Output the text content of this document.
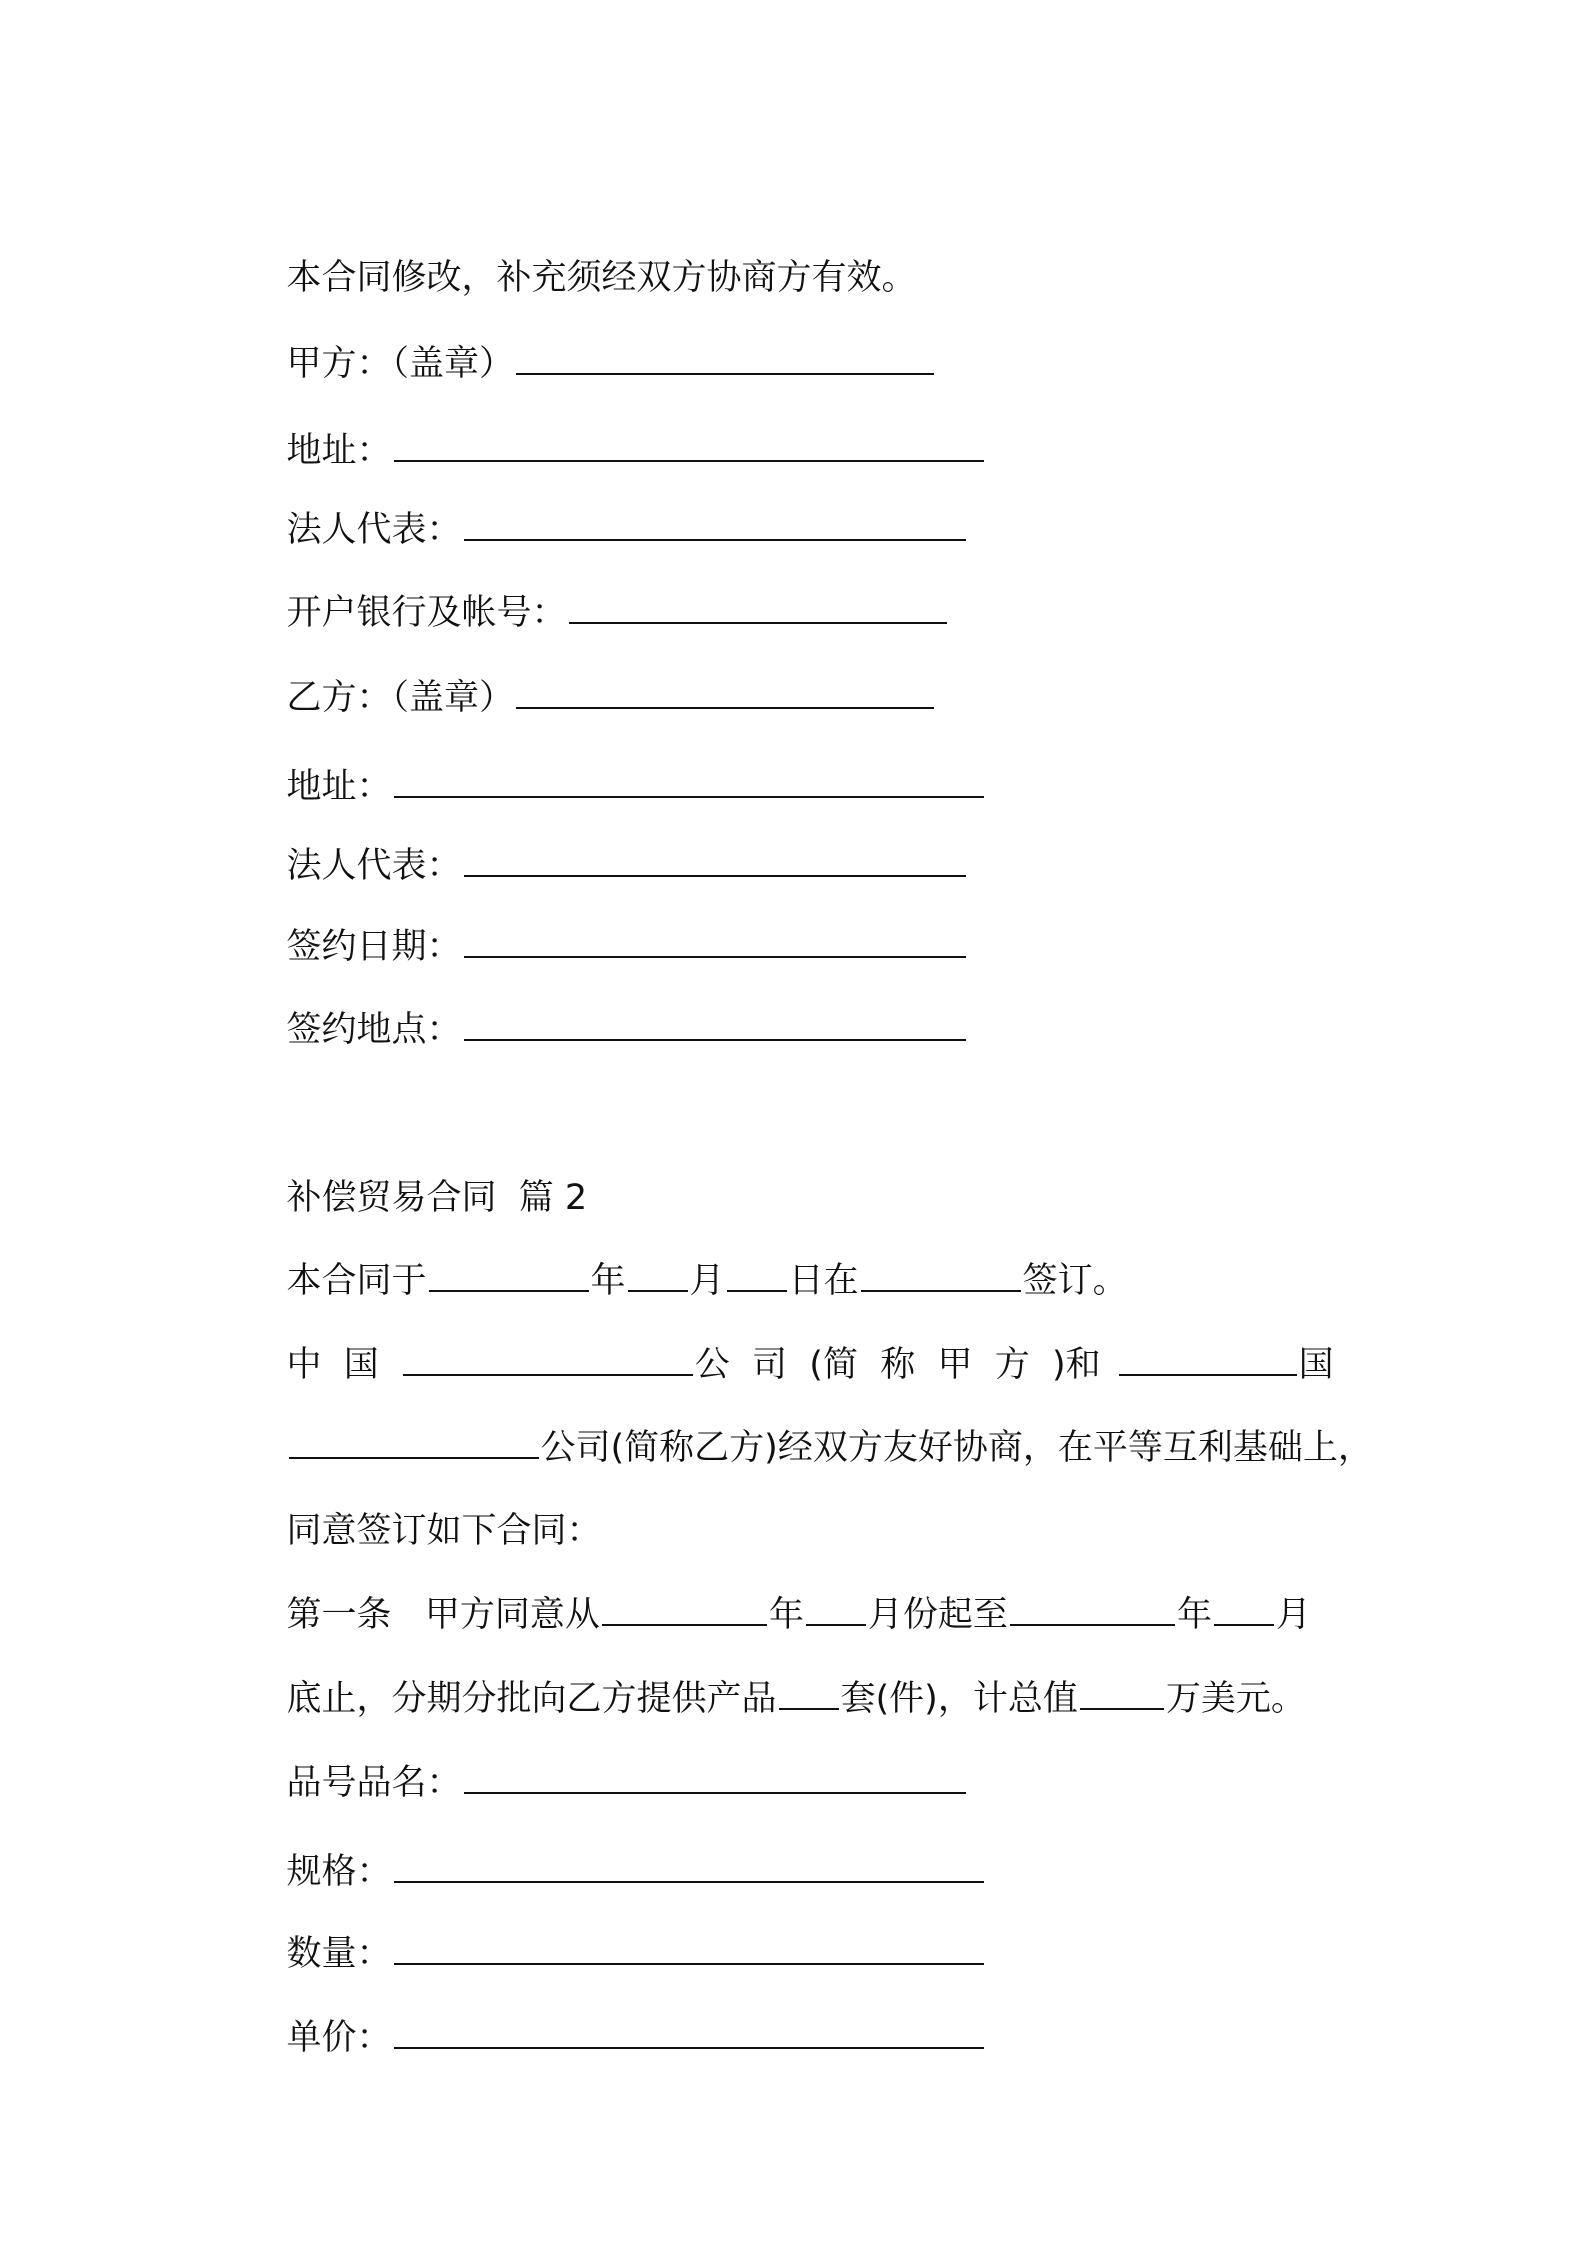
本合同修改，补充须经双方协商方有效。

甲方：（盖章）

地址：

法人代表：

开户银行及帐号：

乙方：（盖章）

地址：

法人代表：

签约日期：

签约地点：

补偿贸易合同  篇 2

本合同于	年 月 日在	签订。

中  国	公  司  (简  称  甲  方  )和	国

公司(简称乙方)经双方友好协商，在平等互利基础上，

同意签订如下合同：

第一条   甲方同意从	年 月份起至	年 月

底止，分期分批向乙方提供产品 套(件)，计总值	万美元。

品号品名：

规格：

数量：

单价：
